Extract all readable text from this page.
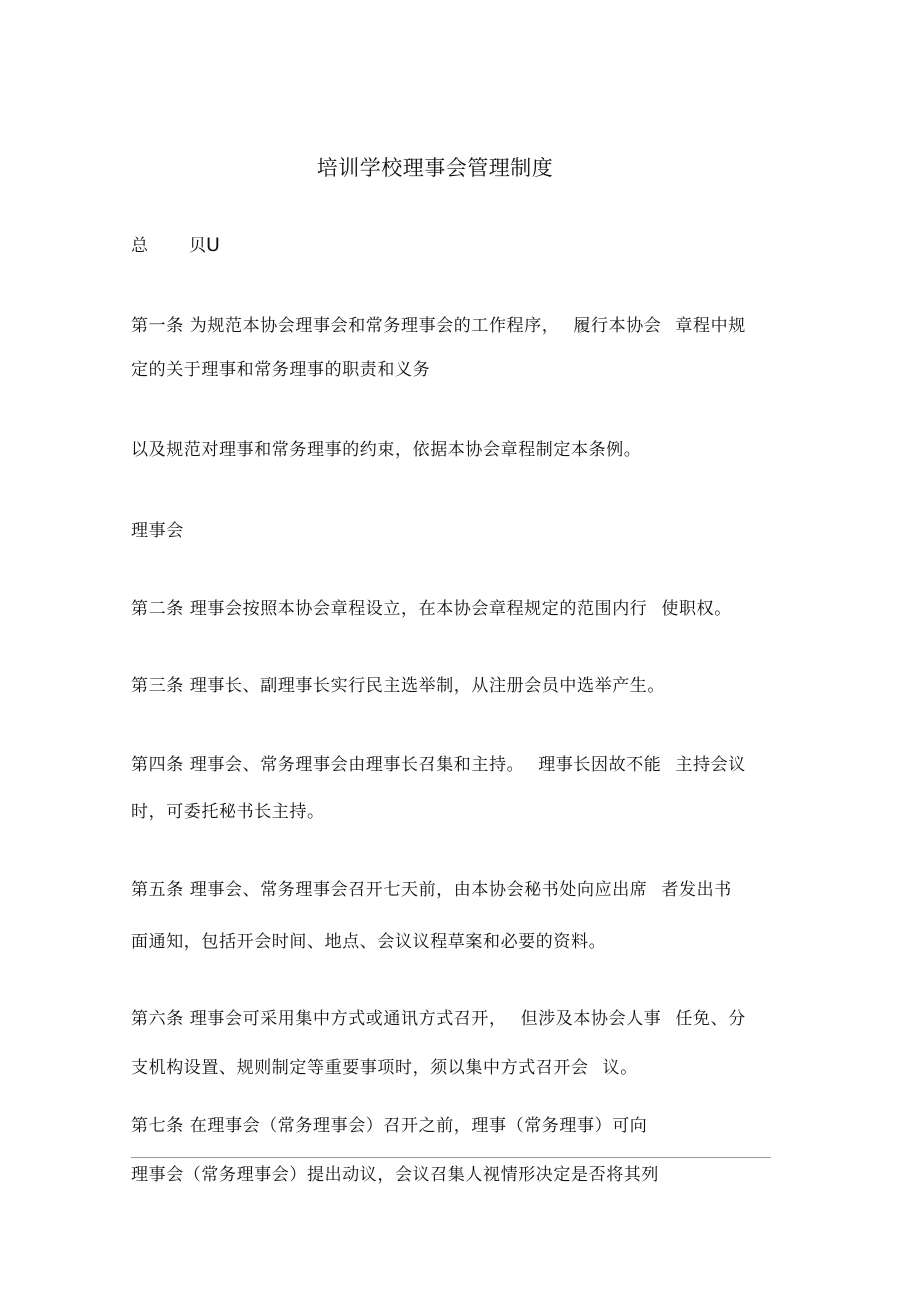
培训学校理事会管理制度
总 贝U
第一条 为规范本协会理事会和常务理事会的工作程序， 履行本协会 章程中规
定的关于理事和常务理事的职责和义务
以及规范对理事和常务理事的约束，依据本协会章程制定本条例。
理事会
第二条 理事会按照本协会章程设立，在本协会章程规定的范围内行 使职权。
第三条 理事长、副理事长实行民主选举制，从注册会员中选举产生。
第四条 理事会、常务理事会由理事长召集和主持。 理事长因故不能 主持会议
时，可委托秘书长主持。
第五条 理事会、常务理事会召开七天前，由本协会秘书处向应出席 者发出书
面通知，包括开会时间、地点、会议议程草案和必要的资料。
第六条 理事会可采用集中方式或通讯方式召开， 但涉及本协会人事 任免、分
支机构设置、规则制定等重要事项时，须以集中方式召开会 议。
第七条 在理事会（常务理事会）召开之前，理事（常务理事）可向
理事会（常务理事会）提出动议，会议召集人视情形决定是否将其列
